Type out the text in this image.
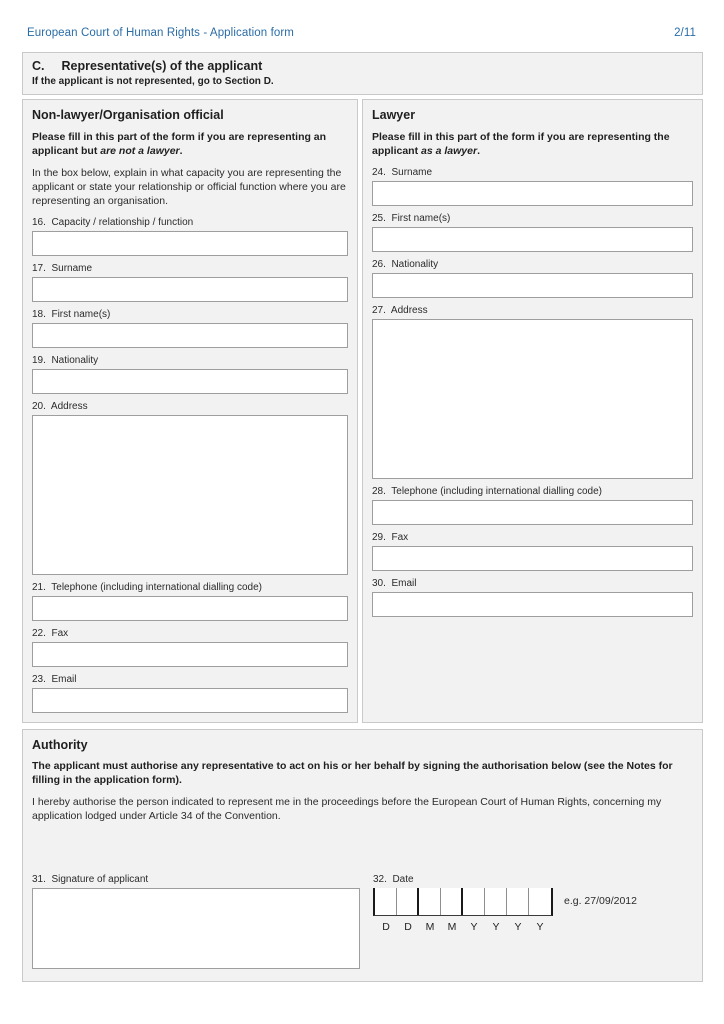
European Court of Human Rights - Application form	2/11
C. Representative(s) of the applicant
If the applicant is not represented, go to Section D.
Non-lawyer/Organisation official

Please fill in this part of the form if you are representing an applicant but are not a lawyer.

In the box below, explain in what capacity you are representing the applicant or state your relationship or official function where you are representing an organisation.

16.  Capacity / relationship / function
17.  Surname
18.  First name(s)
19.  Nationality
20.  Address
21.  Telephone (including international dialling code)
22.  Fax
23.  Email
Lawyer

Please fill in this part of the form if you are representing the applicant as a lawyer.

24.  Surname
25.  First name(s)
26.  Nationality
27.  Address
28.  Telephone (including international dialling code)
29.  Fax
30.  Email
Authority

The applicant must authorise any representative to act on his or her behalf by signing the authorisation below (see the Notes for filling in the application form).

I hereby authorise the person indicated to represent me in the proceedings before the European Court of Human Rights, concerning my application lodged under Article 34 of the Convention.

31.  Signature of applicant	32.  Date
D	D	M	M	Y	Y	Y	Y
e.g. 27/09/2012
